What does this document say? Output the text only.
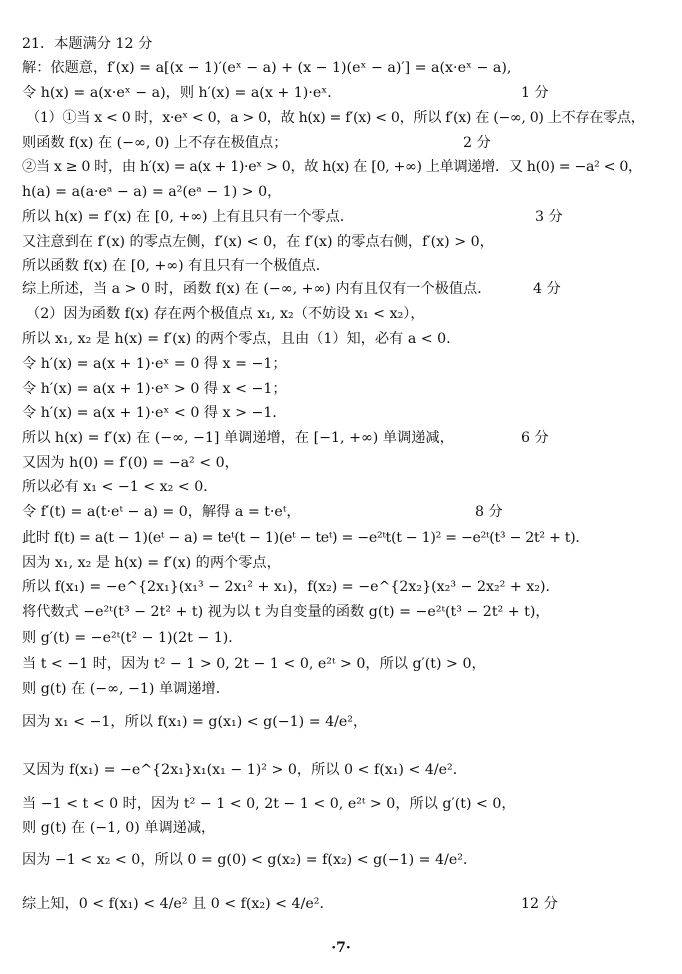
21．本题满分 12 分
解：依题意，f′(x) = a[(x − 1)′(eˣ − a) + (x − 1)(eˣ − a)′] = a(x·eˣ − a),
令 h(x) = a(x·eˣ − a)，则 h′(x) = a(x + 1)·eˣ．	1 分
（1）①当 x < 0 时，x·eˣ < 0，a > 0，故 h(x) = f′(x) < 0，所以 f′(x) 在 (−∞, 0) 上不存在零点，
则函数 f(x) 在 (−∞, 0) 上不存在极值点；	2 分
②当 x ≥ 0 时，由 h′(x) = a(x + 1)·eˣ > 0，故 h(x) 在 [0, +∞) 上单调递增．又 h(0) = −a² < 0，
h(a) = a(a·eᵃ − a) = a²(eᵃ − 1) > 0，
所以 h(x) = f′(x) 在 [0, +∞) 上有且只有一个零点．	3 分
又注意到在 f′(x) 的零点左侧，f′(x) < 0，在 f′(x) 的零点右侧，f′(x) > 0，
所以函数 f(x) 在 [0, +∞) 有且只有一个极值点．
综上所述，当 a > 0 时，函数 f(x) 在 (−∞, +∞) 内有且仅有一个极值点．	4 分
（2）因为函数 f(x) 存在两个极值点 x₁, x₂（不妨设 x₁ < x₂），
所以 x₁, x₂ 是 h(x) = f′(x) 的两个零点，且由（1）知，必有 a < 0．
令 h′(x) = a(x + 1)·eˣ = 0 得 x = −1；
令 h′(x) = a(x + 1)·eˣ > 0 得 x < −1；
令 h′(x) = a(x + 1)·eˣ < 0 得 x > −1．
所以 h(x) = f′(x) 在 (−∞, −1] 单调递增，在 [−1, +∞) 单调递减，	6 分
又因为 h(0) = f′(0) = −a² < 0，
所以必有 x₁ < −1 < x₂ < 0．
令 f′(t) = a(t·eᵗ − a) = 0，解得 a = t·eᵗ，	8 分
此时 f(t) = a(t − 1)(eᵗ − a) = teᵗ(t − 1)(eᵗ − teᵗ) = −e²ᵗt(t − 1)² = −e²ᵗ(t³ − 2t² + t)．
因为 x₁, x₂ 是 h(x) = f′(x) 的两个零点，
所以 f(x₁) = −e^{2x₁}(x₁³ − 2x₁² + x₁)，f(x₂) = −e^{2x₂}(x₂³ − 2x₂² + x₂)．
将代数式 −e²ᵗ(t³ − 2t² + t) 视为以 t 为自变量的函数 g(t) = −e²ᵗ(t³ − 2t² + t)，
则 g′(t) = −e²ᵗ(t² − 1)(2t − 1)．
当 t < −1 时，因为 t² − 1 > 0, 2t − 1 < 0, e²ᵗ > 0，所以 g′(t) > 0，
则 g(t) 在 (−∞, −1) 单调递增．
因为 x₁ < −1，所以 f(x₁) = g(x₁) < g(−1) = 4/e²，
又因为 f(x₁) = −e^{2x₁}x₁(x₁ − 1)² > 0，所以 0 < f(x₁) < 4/e²．
当 −1 < t < 0 时，因为 t² − 1 < 0, 2t − 1 < 0, e²ᵗ > 0，所以 g′(t) < 0，
则 g(t) 在 (−1, 0) 单调递减，
因为 −1 < x₂ < 0，所以 0 = g(0) < g(x₂) = f(x₂) < g(−1) = 4/e²．
综上知，0 < f(x₁) < 4/e² 且 0 < f(x₂) < 4/e²．	12 分
·7·
